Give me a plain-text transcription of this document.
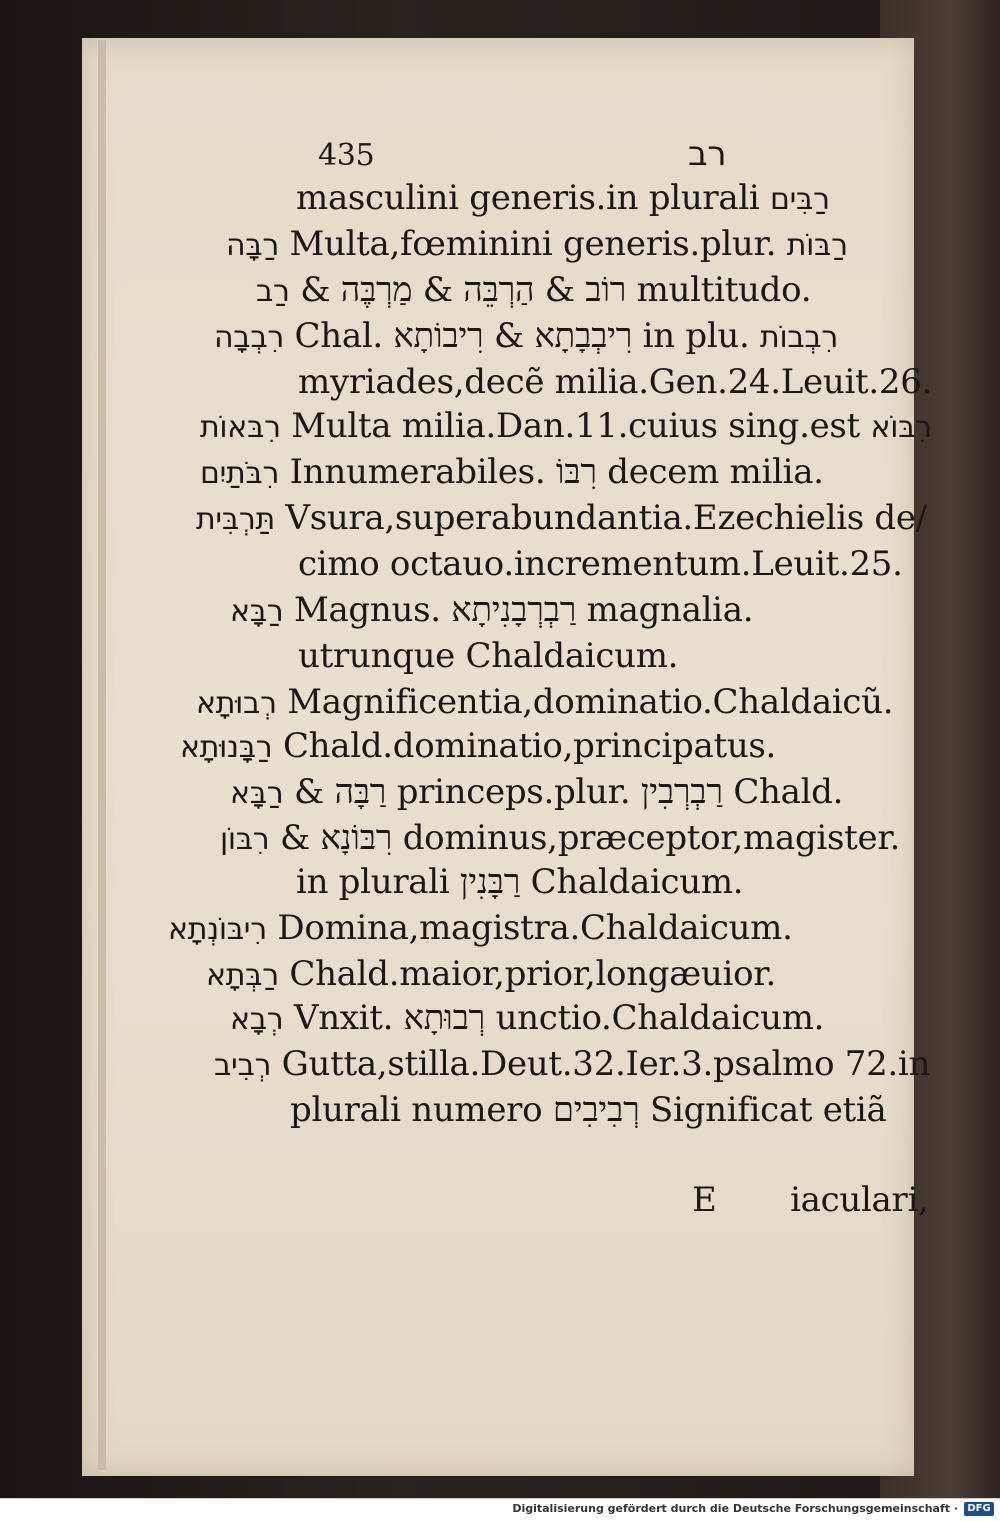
435	רב
masculini generis.in plurali רַבִּים
רַבָּה Multa,fœminini generis.plur. רַבּוֹת
רַב & רוֹב & הַרְבֵּה & מַרְבֶּה multitudo.
רִבְבָה Chal. רִיבְבָתָא & רִיבוֹתָא in plu. רִבְבוֹת
myriades,decẽ milia.Gen.24.Leuit.26.
רִבּאוֹת Multa milia.Dan.11.cuius sing.est רִבּוֹא
רִבֹּתַיִם Innumerabiles. רִבּוֹ decem milia.
תַּרְבִּית Vsura,superabundantia.Ezechielis de/
cimo octauo.incrementum.Leuit.25.
רַבָּא Magnus. רַבְרְבָנִיתָא magnalia.
utrunque Chaldaicum.
רְבוּתָא Magnificentia,dominatio.Chaldaicũ.
רַבָּנוּתָא Chald.dominatio,principatus.
רַבָּא & רַבָּה princeps.plur. רַבְרְבִין Chald.
רִבּוֹן & רִבּוֹנָא dominus,præceptor,magister.
in plurali רַבָּנִין Chaldaicum.
רִיבּוֹנְתָא Domina,magistra.Chaldaicum.
רַבְּתָא Chald.maior,prior,longæuior.
רְבָא Vnxit. רְבוּתָא unctio.Chaldaicum.
רְבִיב Gutta,stilla.Deut.32.Ier.3.psalmo 72.in
plurali numero רְבִיבִים Significat etiã

E       iaculari,

Digitalisierung gefördert durch die Deutsche Forschungsgemeinschaft · DFG
